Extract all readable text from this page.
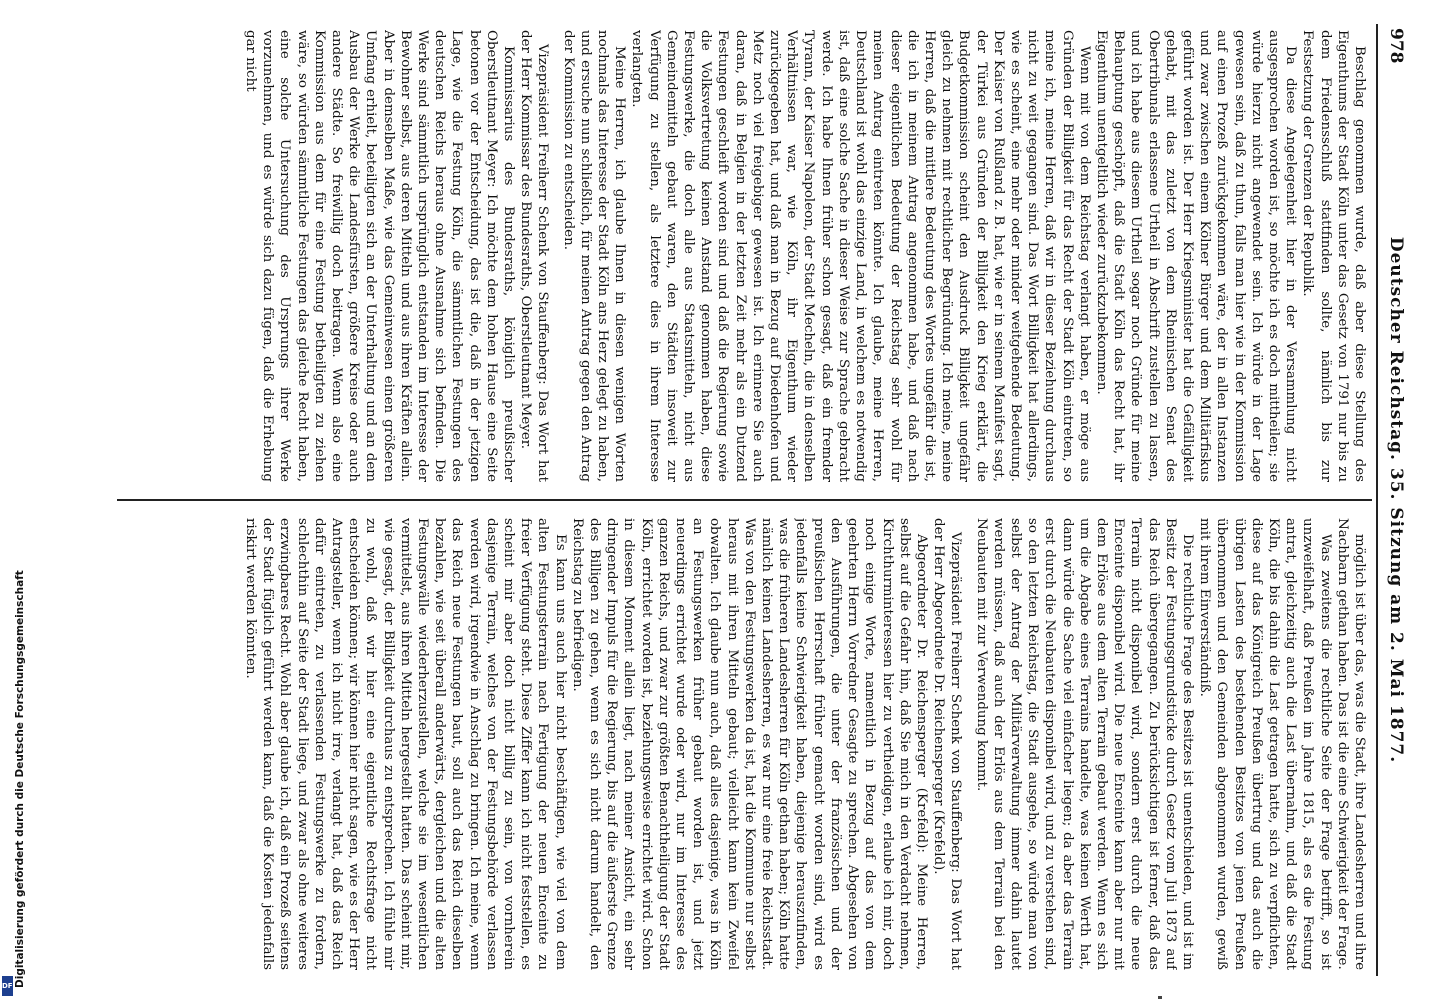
978
Deutscher Reichstag. 35. Sitzung am 2. Mai 1877.

Beschlag genommen wurde, daß aber diese Stellung des Eigenthums der Stadt Köln unter das Gesetz von 1791 nur bis zu dem Friedensschluß stattfinden sollte, nämlich bis zur Festsetzung der Grenzen der Republik.

Da diese Angelegenheit hier in der Versammlung nicht ausgesprochen worden ist, so möchte ich es doch mittheilen; sie würde hierzu nicht angewendet sein. Ich würde in der Lage gewesen sein, daß zu thun, falls man hier wie in der Kommission auf einen Prozeß zurückgekommen wäre, der in allen Instanzen und zwar zwischen einem Kölner Bürger und dem Militärfiskus geführt worden ist. Der Herr Kriegsminister hat die Gefälligkeit gehabt, mit das zuletzt von dem Rheinischen Senat des Obertribunals erlassene Urtheil in Abschrift zustellen zu lassen, und ich habe aus diesem Urtheil sogar noch Gründe für meine Behauptung geschöpft, daß die Stadt Köln das Recht hat, ihr Eigenthum unentgeltlich wieder zurückzubekommen.

Wenn mit von dem Reichstag verlangt haben, er möge aus Gründen der Billigkeit für das Recht der Stadt Köln eintreten, so meine ich, meine Herren, daß wir in dieser Beziehung durchaus nicht zu weit gegangen sind. Das Wort Billigkeit hat allerdings, wie es scheint, eine mehr oder minder weitgehende Bedeutung. Der Kaiser von Rußland z. B. hat, wie er in seinem Manifest sagt, der Türkei aus Gründen der Billigkeit den Krieg erklärt, die Budgetkommission scheint den Ausdruck Billigkeit ungefähr gleich zu nehmen mit rechtlicher Begründung. Ich meine, meine Herren, daß die mittlere Bedeutung des Wortes ungefähr die ist, die ich in meinem Antrag angenommen habe, und daß nach dieser eigentlichen Bedeutung der Reichstag sehr wohl für meinen Antrag eintreten könnte. Ich glaube, meine Herren, Deutschland ist wohl das einzige Land, in welchem es notwendig ist, daß eine solche Sache in dieser Weise zur Sprache gebracht werde. Ich habe Ihnen früher schon gesagt, daß ein fremder Tyrann, der Kaiser Napoleon, der Stadt Mecheln, die in denselben Verhältnissen war, wie Köln, ihr Eigenthum wieder zurückgegeben hat, und daß man in Bezug auf Diedenhofen und Metz noch viel freigebiger gewesen ist. Ich erinnere Sie auch daran, daß in Belgien in der letzten Zeit mehr als ein Dutzend Festungen geschleift worden sind und daß die Regierung sowie die Volksvertretung keinen Anstand genommen haben, diese Festungswerke, die doch alle aus Staatsmitteln, nicht aus Gemeindemitteln gebaut waren, den Städten insoweit zur Verfügung zu stellen, als letztere dies in ihrem Interesse verlangten.

Meine Herren, ich glaube Ihnen in diesen wenigen Worten nochmals das Interesse der Stadt Köln ans Herz gelegt zu haben, und ersuche nun schließlich, für meinen Antrag gegen den Antrag der Kommission zu entscheiden.

Vizepräsident Freiherr Schenk von Stauffenberg: Das Wort hat der Herr Kommissar des Bundesraths, Oberstleutnant Meyer.

Kommissarius des Bundesraths, königlich preußischer Oberstleutnant Meyer: Ich möchte dem hohen Hause eine Seite betonen vor der Entscheidung, das ist die, daß in der jetzigen Lage, wie die Festung Köln, die sämmtlichen Festungen des deutschen Reichs heraus ohne Ausnahme sich befinden. Die Werke sind sämmtlich ursprünglich entstanden im Interesse der Bewohner selbst, aus deren Mitteln und aus ihren Kräften allein. Aber in demselben Maße, wie das Gemeinwesen einen größeren Umfang erhielt, beteiligten sich an der Unterhaltung und an dem Ausbau der Werke die Landesfürsten, größere Kreise oder auch andere Städte. So freiwillig doch beitragen. Wenn also eine Kommission aus dem für eine Festung betheiligten zu ziehen wäre, so würden sämmtliche Festungen das gleiche Recht haben, eine solche Untersuchung des Ursprungs ihrer Werke vorzunehmen, und es würde sich dazu fügen, daß die Erhebung gar nicht

möglich ist über das, was die Stadt, ihre Landesherren und ihre Nachbarn gethan haben. Das ist die eine Schwierigkeit der Frage.

Was zweitens die rechtliche Seite der Frage betrifft, so ist unzweifelhaft, daß Preußen im Jahre 1815, als es die Festung antrat, gleichzeitig auch die Last übernahm, und daß die Stadt Köln, die bis dahin die Last getragen hatte, sich zu verpflichten, diese auf das Königreich Preußen übertrug und das auch die übrigen Lasten des bestehenden Besitzes von jenen Preußen übernommen und den Gemeinden abgenommen wurden, gewiß mit ihrem Einverständniß.

Die rechtliche Frage des Besitzes ist unentschieden, und ist im Besitz der Festungsgrundstücke durch Gesetz vom Juli 1873 auf das Reich übergegangen. Zu berücksichtigen ist ferner, daß das Terrain nicht disponibel wird, sondern erst durch die neue Enceinte disponibel wird. Die neue Enceinte kann aber nur mit dem Erlöse aus dem alten Terrain gebaut werden. Wenn es sich um die Abgabe eines Terrains handelte, was keinen Werth hat, dann würde die Sache viel einfacher liegen; da aber das Terrain erst durch die Neubauten disponibel wird, und zu verstehen sind, so den letzten Reichstag, die Stadt ausgehe, so würde man von selbst der Antrag der Militärverwaltung immer dahin lautet werden müssen, daß auch der Erlös aus dem Terrain bei den Neubauten mit zur Verwendung kommt.

Vizepräsident Freiherr Schenk von Stauffenberg: Das Wort hat der Herr Abgeordnete Dr. Reichensperger (Krefeld).

Abgeordneter Dr. Reichensperger (Krefeld): Meine Herren, selbst auf die Gefahr hin, daß Sie mich in den Verdacht nehmen, Kirchthurminteressen hier zu vertheidigen, erlaube ich mir, doch noch einige Worte, namentlich in Bezug auf das von dem geehrten Herrn Vorredner Gesagte zu sprechen. Abgesehen von den Ausführungen, die unter der französischen und der preußischen Herrschaft früher gemacht worden sind, wird es jedenfalls keine Schwierigkeit haben, diejenige herauszufinden, was die früheren Landesherren für Köln gethan haben; Köln hatte nämlich keinen Landesherren, es war nur eine freie Reichsstadt. Was von den Festungswerken da ist, hat die Kommune nur selbst heraus mit ihren Mitteln gebaut; vielleicht kann kein Zweifel obwalten. Ich glaube nun auch, daß alles dasjenige, was in Köln an Festungswerken früher gebaut worden ist, und jetzt neuerdings errichtet wurde oder wird, nur im Interesse des ganzen Reichs, und zwar zur größten Benachtheiligung der Stadt Köln, errichtet worden ist, beziehungsweise errichtet wird. Schon in diesem Moment allein liegt, nach meiner Ansicht, ein sehr dringender Impuls für die Regierung, bis auf die äußerste Grenze des Billigen zu gehen, wenn es sich nicht darum handelt, den Reichstag zu befriedigen.

Es kann uns auch hier nicht beschäftigen, wie viel von dem alten Festungsterrain nach Fertigung der neuen Enceinte zu freier Verfügung steht. Diese Ziffer kann ich nicht feststellen, es scheint mir aber doch nicht billig zu sein, von vornherein dasjenige Terrain, welches von der Festungsbehörde verlassen werden wird, irgendwie in Anschlag zu bringen. Ich meine, wenn das Reich neue Festungen baut, soll auch das Reich dieselben bezahlen, wie seit überall anderwärts, dergleichen und die alten Festungswälle wiederherzustellen, welche sie im wesentlichen vermittelst, aus ihren Mitteln hergestellt hatten. Das scheint mir, wie gesagt, der Billigkeit durchaus zu entsprechen. Ich fühle mir zu wohl, daß wir hier eine eigentliche Rechtsfrage nicht entscheiden können; wir können hier nicht sagen, wie es der Herr Antragsteller, wenn ich nicht irre, verlangt hat, daß das Reich dafür eintreten, zu verlassenden Festungswerke zu fordern, schlechthin auf Seite der Stadt liege, und zwar als ohne weiteres erzwingbares Recht. Wohl aber glaube ich, daß ein Prozeß seitens der Stadt füglich geführt werden kann, daß die Kosten jedenfalls riskirt werden könnten.

DFG
Digitalisierung gefördert durch die Deutsche Forschungsgemeinschaft
